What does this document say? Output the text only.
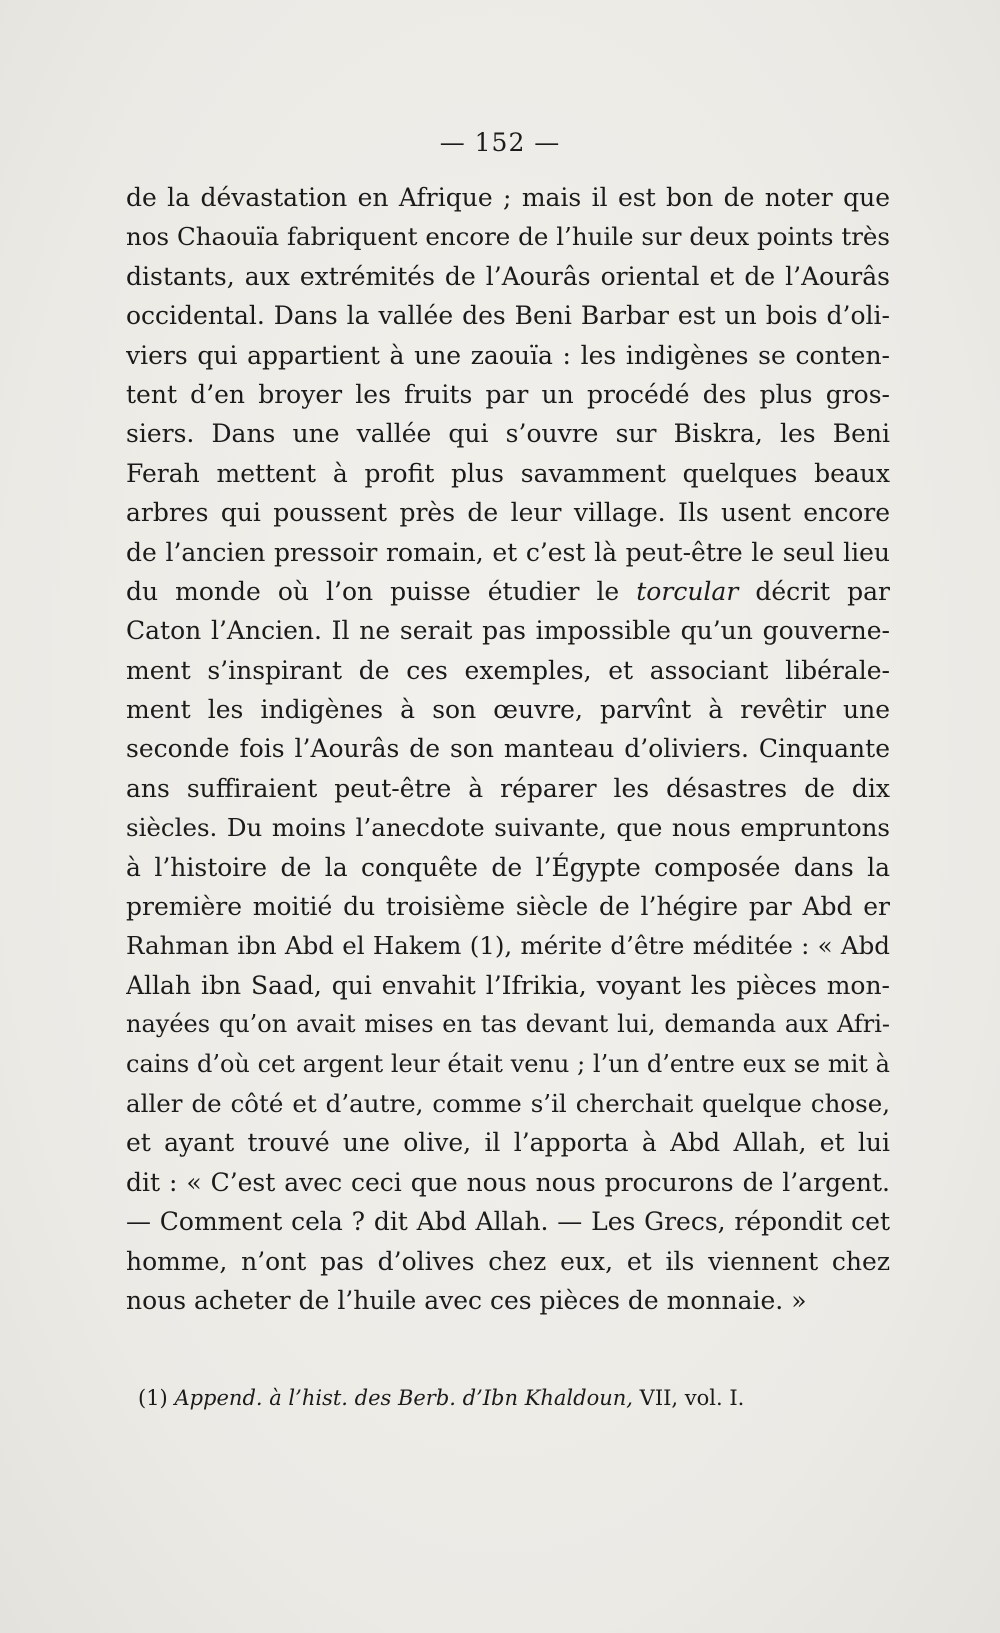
— 152 —
de la dévastation en Afrique ; mais il est bon de noter que
nos Chaouïa fabriquent encore de l’huile sur deux points très
distants, aux extrémités de l’Aourâs oriental et de l’Aourâs
occidental. Dans la vallée des Beni Barbar est un bois d’oli-
viers qui appartient à une zaouïa : les indigènes se conten-
tent d’en broyer les fruits par un procédé des plus gros-
siers. Dans une vallée qui s’ouvre sur Biskra, les Beni
Ferah mettent à profit plus savamment quelques beaux
arbres qui poussent près de leur village. Ils usent encore
de l’ancien pressoir romain, et c’est là peut-être le seul lieu
du monde où l’on puisse étudier le torcular décrit par
Caton l’Ancien. Il ne serait pas impossible qu’un gouverne-
ment s’inspirant de ces exemples, et associant libérale-
ment les indigènes à son œuvre, parvînt à revêtir une
seconde fois l’Aourâs de son manteau d’oliviers. Cinquante
ans suffiraient peut-être à réparer les désastres de dix
siècles. Du moins l’anecdote suivante, que nous empruntons
à l’histoire de la conquête de l’Égypte composée dans la
première moitié du troisième siècle de l’hégire par Abd er
Rahman ibn Abd el Hakem (1), mérite d’être méditée : « Abd
Allah ibn Saad, qui envahit l’Ifrikia, voyant les pièces mon-
nayées qu’on avait mises en tas devant lui, demanda aux Afri-
cains d’où cet argent leur était venu ; l’un d’entre eux se mit à
aller de côté et d’autre, comme s’il cherchait quelque chose,
et ayant trouvé une olive, il l’apporta à Abd Allah, et lui
dit : « C’est avec ceci que nous nous procurons de l’argent.
— Comment cela ? dit Abd Allah. — Les Grecs, répondit cet
homme, n’ont pas d’olives chez eux, et ils viennent chez
nous acheter de l’huile avec ces pièces de monnaie. »
(1) Append. à l’hist. des Berb. d’Ibn Khaldoun, VII, vol. I.
